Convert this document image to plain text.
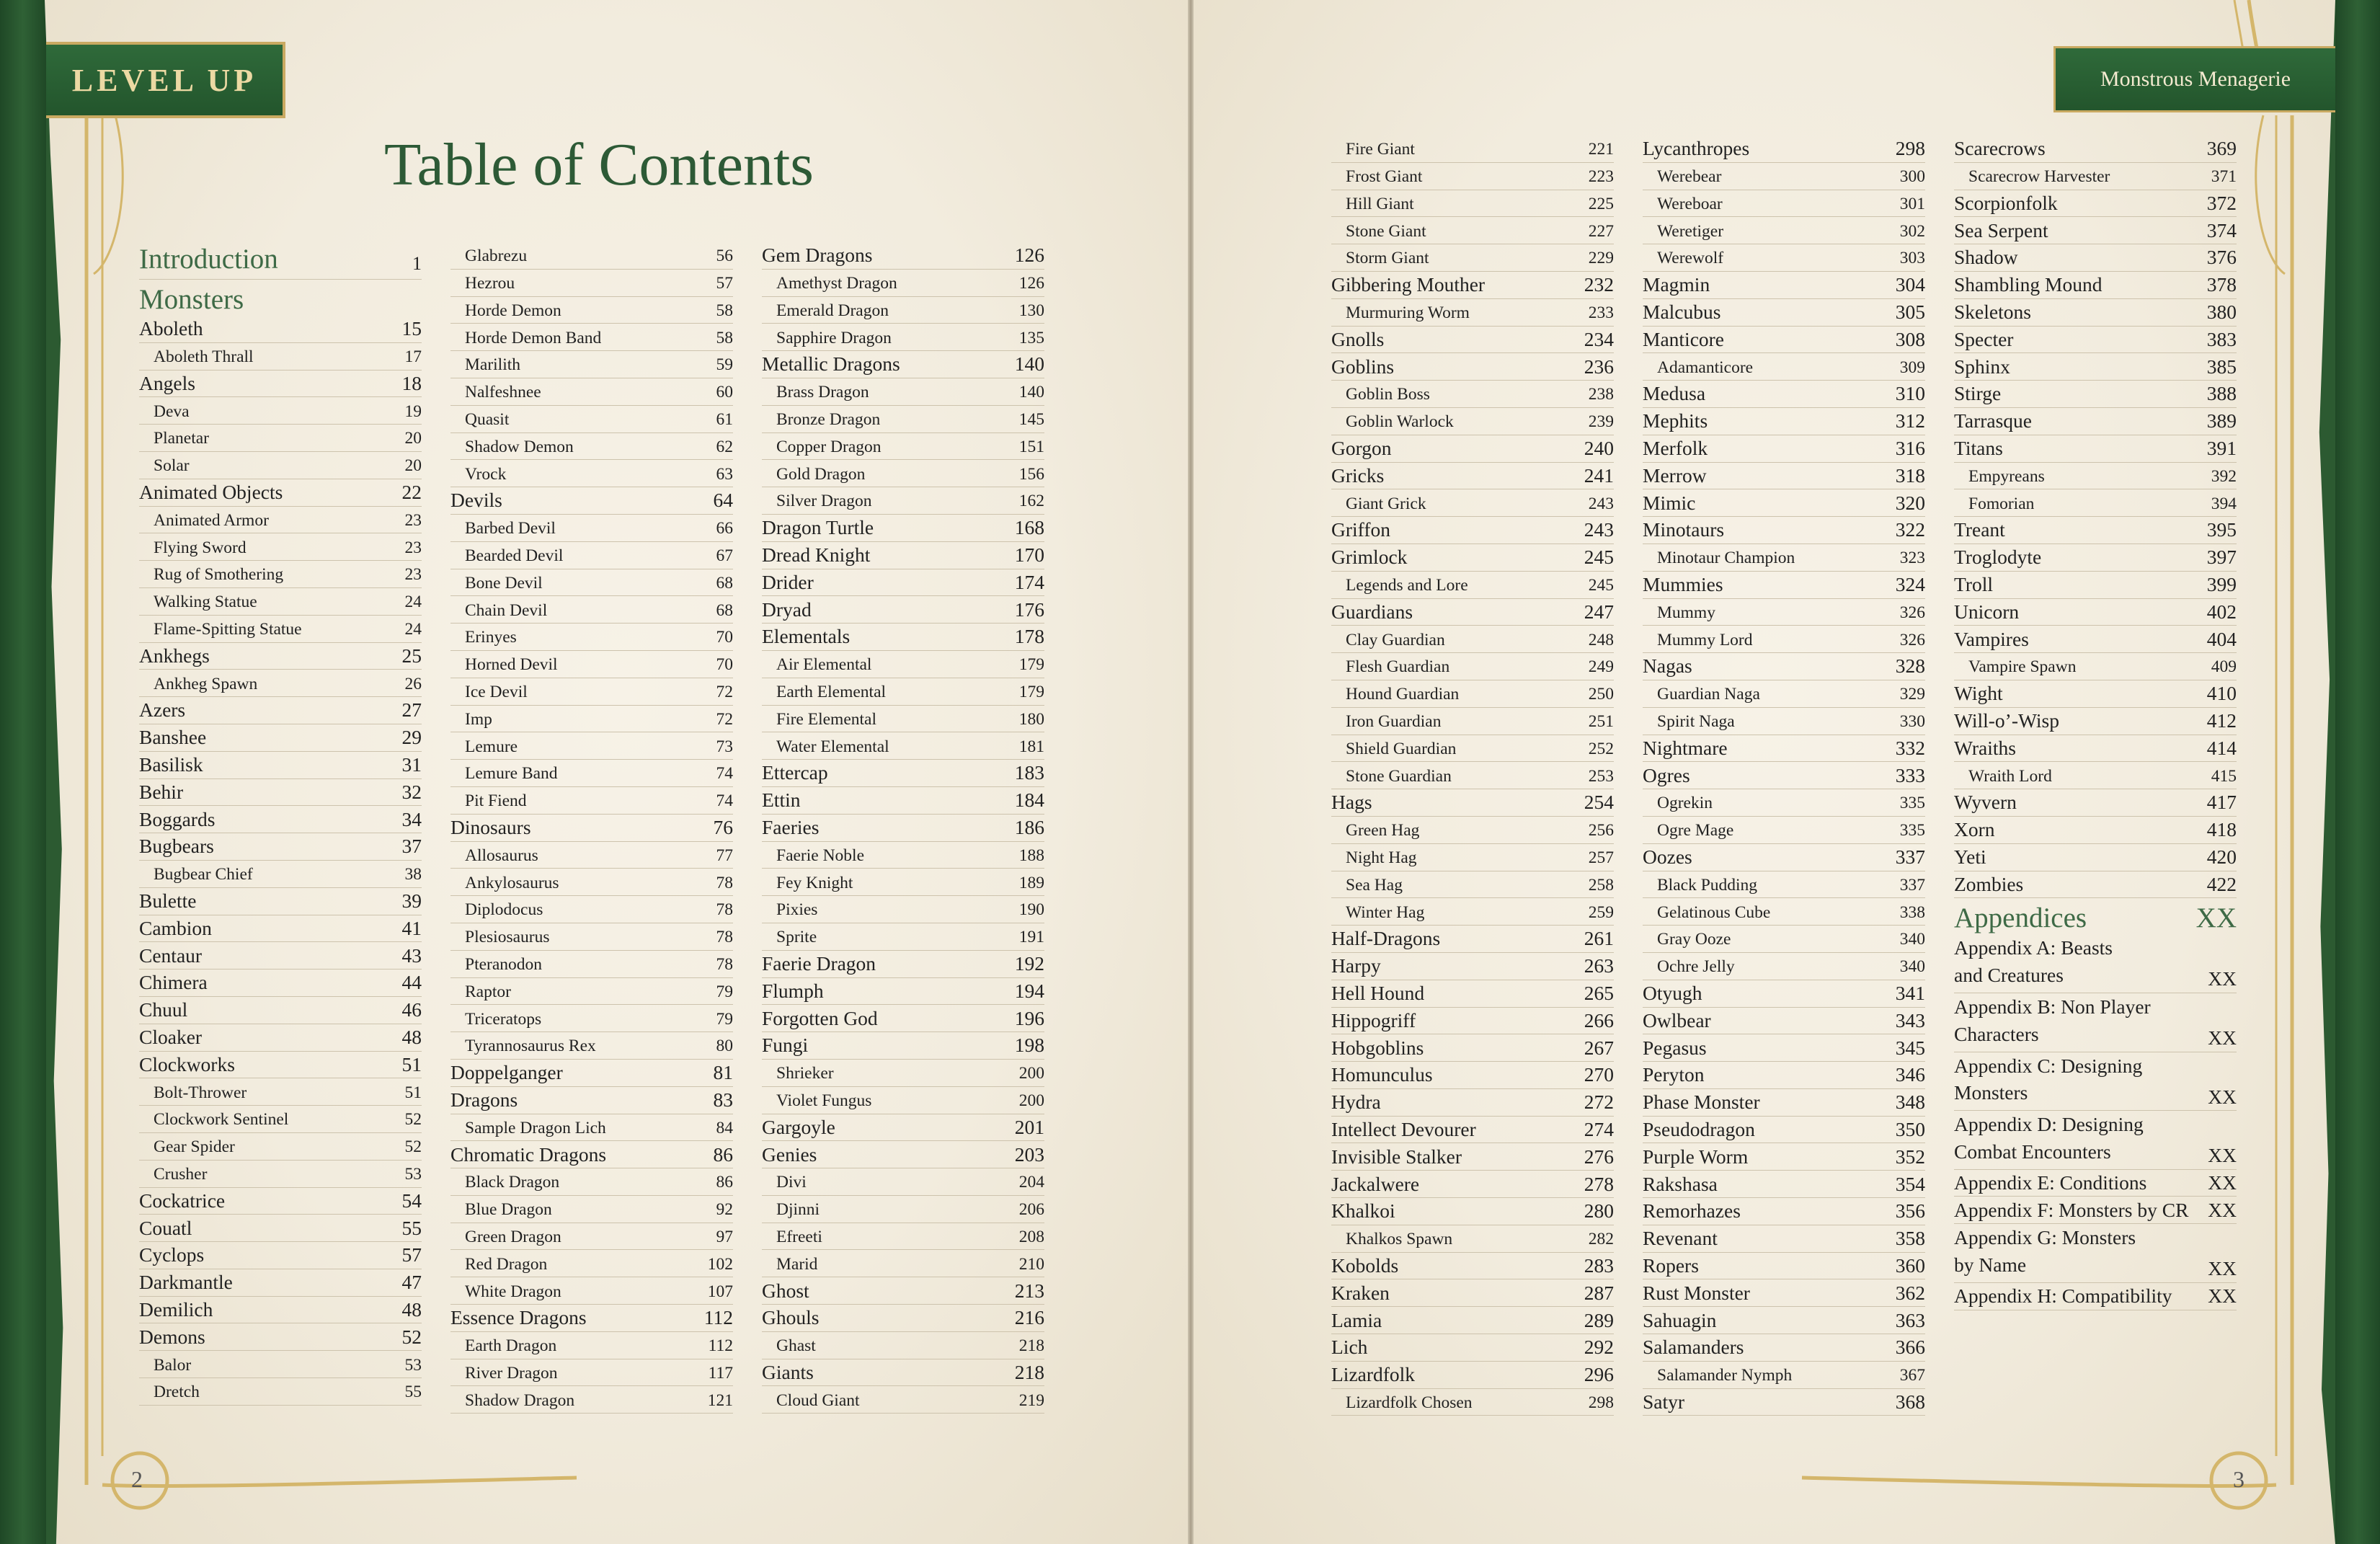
LEVEL UP	Monstrous Menagerie
Table of Contents
Introduction	1
Monsters
Aboleth	15
Aboleth Thrall	17
Angels	18
Deva	19
Planetar	20
Solar	20
Animated Objects	22
Animated Armor	23
Flying Sword	23
Rug of Smothering	23
Walking Statue	24
Flame-Spitting Statue	24
Ankhegs	25
Ankheg Spawn	26
Azers	27
Banshee	29
Basilisk	31
Behir	32
Boggards	34
Bugbears	37
Bugbear Chief	38
Bulette	39
Cambion	41
Centaur	43
Chimera	44
Chuul	46
Cloaker	48
Clockworks	51
Bolt-Thrower	51
Clockwork Sentinel	52
Gear Spider	52
Crusher	53
Cockatrice	54
Couatl	55
Cyclops	57
Darkmantle	47
Demilich	48
Demons	52
Balor	53
Dretch	55
Glabrezu	56
Hezrou	57
Horde Demon	58
Horde Demon Band	58
Marilith	59
Nalfeshnee	60
Quasit	61
Shadow Demon	62
Vrock	63
Devils	64
Barbed Devil	66
Bearded Devil	67
Bone Devil	68
Chain Devil	68
Erinyes	70
Horned Devil	70
Ice Devil	72
Imp	72
Lemure	73
Lemure Band	74
Pit Fiend	74
Dinosaurs	76
Allosaurus	77
Ankylosaurus	78
Diplodocus	78
Plesiosaurus	78
Pteranodon	78
Raptor	79
Triceratops	79
Tyrannosaurus Rex	80
Doppelganger	81
Dragons	83
Sample Dragon Lich	84
Chromatic Dragons	86
Black Dragon	86
Blue Dragon	92
Green Dragon	97
Red Dragon	102
White Dragon	107
Essence Dragons	112
Earth Dragon	112
River Dragon	117
Shadow Dragon	121
Gem Dragons	126
Amethyst Dragon	126
Emerald Dragon	130
Sapphire Dragon	135
Metallic Dragons	140
Brass Dragon	140
Bronze Dragon	145
Copper Dragon	151
Gold Dragon	156
Silver Dragon	162
Dragon Turtle	168
Dread Knight	170
Drider	174
Dryad	176
Elementals	178
Air Elemental	179
Earth Elemental	179
Fire Elemental	180
Water Elemental	181
Ettercap	183
Ettin	184
Faeries	186
Faerie Noble	188
Fey Knight	189
Pixies	190
Sprite	191
Faerie Dragon	192
Flumph	194
Forgotten God	196
Fungi	198
Shrieker	200
Violet Fungus	200
Gargoyle	201
Genies	203
Divi	204
Djinni	206
Efreeti	208
Marid	210
Ghost	213
Ghouls	216
Ghast	218
Giants	218
Cloud Giant	219
Fire Giant	221
Frost Giant	223
Hill Giant	225
Stone Giant	227
Storm Giant	229
Gibbering Mouther	232
Murmuring Worm	233
Gnolls	234
Goblins	236
Goblin Boss	238
Goblin Warlock	239
Gorgon	240
Gricks	241
Giant Grick	243
Griffon	243
Grimlock	245
Legends and Lore	245
Guardians	247
Clay Guardian	248
Flesh Guardian	249
Hound Guardian	250
Iron Guardian	251
Shield Guardian	252
Stone Guardian	253
Hags	254
Green Hag	256
Night Hag	257
Sea Hag	258
Winter Hag	259
Half-Dragons	261
Harpy	263
Hell Hound	265
Hippogriff	266
Hobgoblins	267
Homunculus	270
Hydra	272
Intellect Devourer	274
Invisible Stalker	276
Jackalwere	278
Khalkoi	280
Khalkos Spawn	282
Kobolds	283
Kraken	287
Lamia	289
Lich	292
Lizardfolk	296
Lizardfolk Chosen	298
Lycanthropes	298
Werebear	300
Wereboar	301
Weretiger	302
Werewolf	303
Magmin	304
Malcubus	305
Manticore	308
Adamanticore	309
Medusa	310
Mephits	312
Merfolk	316
Merrow	318
Mimic	320
Minotaurs	322
Minotaur Champion	323
Mummies	324
Mummy	326
Mummy Lord	326
Nagas	328
Guardian Naga	329
Spirit Naga	330
Nightmare	332
Ogres	333
Ogrekin	335
Ogre Mage	335
Oozes	337
Black Pudding	337
Gelatinous Cube	338
Gray Ooze	340
Ochre Jelly	340
Otyugh	341
Owlbear	343
Pegasus	345
Peryton	346
Phase Monster	348
Pseudodragon	350
Purple Worm	352
Rakshasa	354
Remorhazes	356
Revenant	358
Ropers	360
Rust Monster	362
Sahuagin	363
Salamanders	366
Salamander Nymph	367
Satyr	368
Scarecrows	369
Scarecrow Harvester	371
Scorpionfolk	372
Sea Serpent	374
Shadow	376
Shambling Mound	378
Skeletons	380
Specter	383
Sphinx	385
Stirge	388
Tarrasque	389
Titans	391
Empyreans	392
Fomorian	394
Treant	395
Troglodyte	397
Troll	399
Unicorn	402
Vampires	404
Vampire Spawn	409
Wight	410
Will-o’-Wisp	412
Wraiths	414
Wraith Lord	415
Wyvern	417
Xorn	418
Yeti	420
Zombies	422
Appendices	XX
Appendix A: Beasts
and Creatures	XX
Appendix B: Non Player
Characters	XX
Appendix C: Designing
Monsters	XX
Appendix D: Designing
Combat Encounters	XX
Appendix E: Conditions	XX
Appendix F: Monsters by CR XX
Appendix G: Monsters
by Name	XX
Appendix H: Compatibility XX
2	3
